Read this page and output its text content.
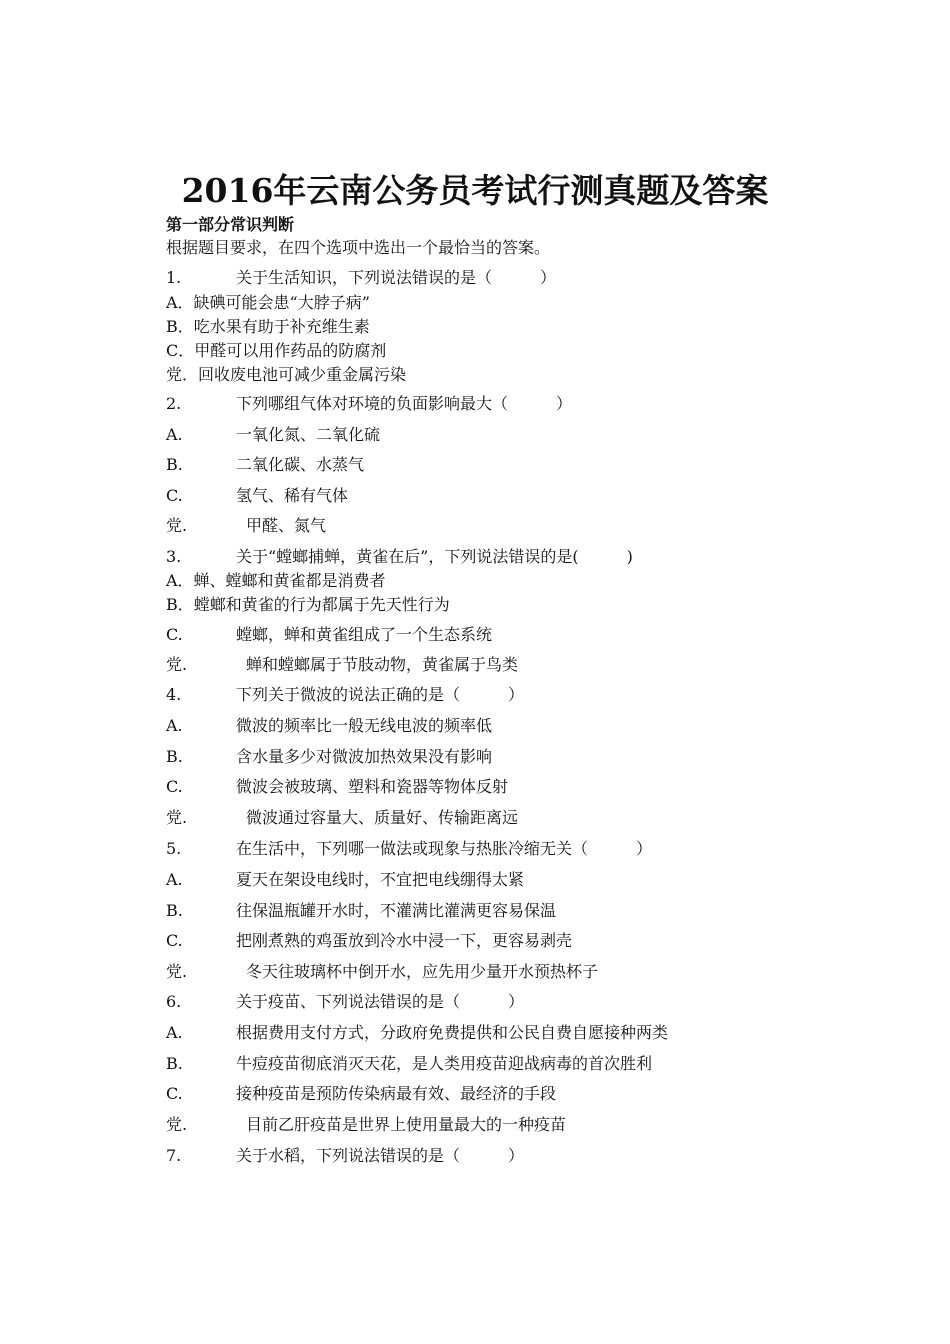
2016年云南公务员考试行测真题及答案
第一部分常识判断
根据题目要求，在四个选项中选出一个最恰当的答案。
1.	关于生活知识，下列说法错误的是（　　　）
A．缺碘可能会患“大脖子病”
B．吃水果有助于补充维生素
C．甲醛可以用作药品的防腐剂
党．回收废电池可减少重金属污染
2.	下列哪组气体对环境的负面影响最大（　　　）
A.	一氧化氮、二氧化硫
B.	二氧化碳、水蒸气
C.	氢气、稀有气体
党.	甲醛、氮气
3.	关于“螳螂捕蝉，黄雀在后”，下列说法错误的是(　　　)
A．蝉、螳螂和黄雀都是消费者
B．螳螂和黄雀的行为都属于先天性行为
C.	螳螂，蝉和黄雀组成了一个生态系统
党.	蝉和螳螂属于节肢动物，黄雀属于鸟类
4.	下列关于微波的说法正确的是（　　　）
A.	微波的频率比一般无线电波的频率低
B.	含水量多少对微波加热效果没有影响
C.	微波会被玻璃、塑料和瓷器等物体反射
党.	微波通过容量大、质量好、传输距离远
5.	在生活中，下列哪一做法或现象与热胀冷缩无关（　　　）
A.	夏天在架设电线时，不宜把电线绷得太紧
B.	往保温瓶罐开水时，不灌满比灌满更容易保温
C.	把刚煮熟的鸡蛋放到冷水中浸一下，更容易剥壳
党.	冬天往玻璃杯中倒开水，应先用少量开水预热杯子
6.	关于疫苗、下列说法错误的是（　　　）
A.	根据费用支付方式，分政府免费提供和公民自费自愿接种两类
B.	牛痘疫苗彻底消灭天花，是人类用疫苗迎战病毒的首次胜利
C.	接种疫苗是预防传染病最有效、最经济的手段
党.	目前乙肝疫苗是世界上使用量最大的一种疫苗
7.	关于水稻，下列说法错误的是（　　　）
